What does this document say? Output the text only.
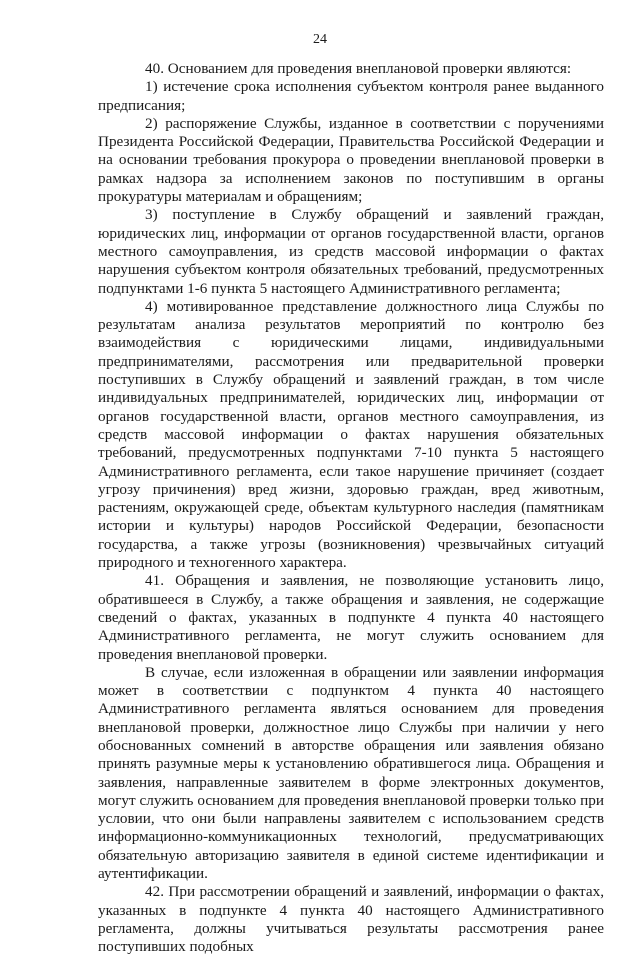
24

40. Основанием для проведения внеплановой проверки являются:

1) истечение срока исполнения субъектом контроля ранее выданного предписания;

2) распоряжение Службы, изданное в соответствии с поручениями Президента Российской Федерации, Правительства Российской Федерации и на основании требования прокурора о проведении внеплановой проверки в рамках надзора за исполнением законов по поступившим в органы прокуратуры материалам и обращениям;

3) поступление в Службу обращений и заявлений граждан, юридических лиц, информации от органов государственной власти, органов местного самоуправления, из средств массовой информации о фактах нарушения субъектом контроля обязательных требований, предусмотренных подпунктами 1-6 пункта 5 настоящего Административного регламента;

4) мотивированное представление должностного лица Службы по результатам анализа результатов мероприятий по контролю без взаимодействия с юридическими лицами, индивидуальными предпринимателями, рассмотрения или предварительной проверки поступивших в Службу обращений и заявлений граждан, в том числе индивидуальных предпринимателей, юридических лиц, информации от органов государственной власти, органов местного самоуправления, из средств массовой информации о фактах нарушения обязательных требований, предусмотренных подпунктами 7-10 пункта 5 настоящего Административного регламента, если такое нарушение причиняет (создает угрозу причинения) вред жизни, здоровью граждан, вред животным, растениям, окружающей среде, объектам культурного наследия (памятникам истории и культуры) народов Российской Федерации, безопасности государства, а также угрозы (возникновения) чрезвычайных ситуаций природного и техногенного характера.

41. Обращения и заявления, не позволяющие установить лицо, обратившееся в Службу, а также обращения и заявления, не содержащие сведений о фактах, указанных в подпункте 4 пункта 40 настоящего Административного регламента, не могут служить основанием для проведения внеплановой проверки.

В случае, если изложенная в обращении или заявлении информация может в соответствии с подпунктом 4 пункта 40 настоящего Административного регламента являться основанием для проведения внеплановой проверки, должностное лицо Службы при наличии у него обоснованных сомнений в авторстве обращения или заявления обязано принять разумные меры к установлению обратившегося лица. Обращения и заявления, направленные заявителем в форме электронных документов, могут служить основанием для проведения внеплановой проверки только при условии, что они были направлены заявителем с использованием средств информационно-коммуникационных технологий, предусматривающих обязательную авторизацию заявителя в единой системе идентификации и аутентификации.

42. При рассмотрении обращений и заявлений, информации о фактах, указанных в подпункте 4 пункта 40 настоящего Административного регламента, должны учитываться результаты рассмотрения ранее поступивших подобных
